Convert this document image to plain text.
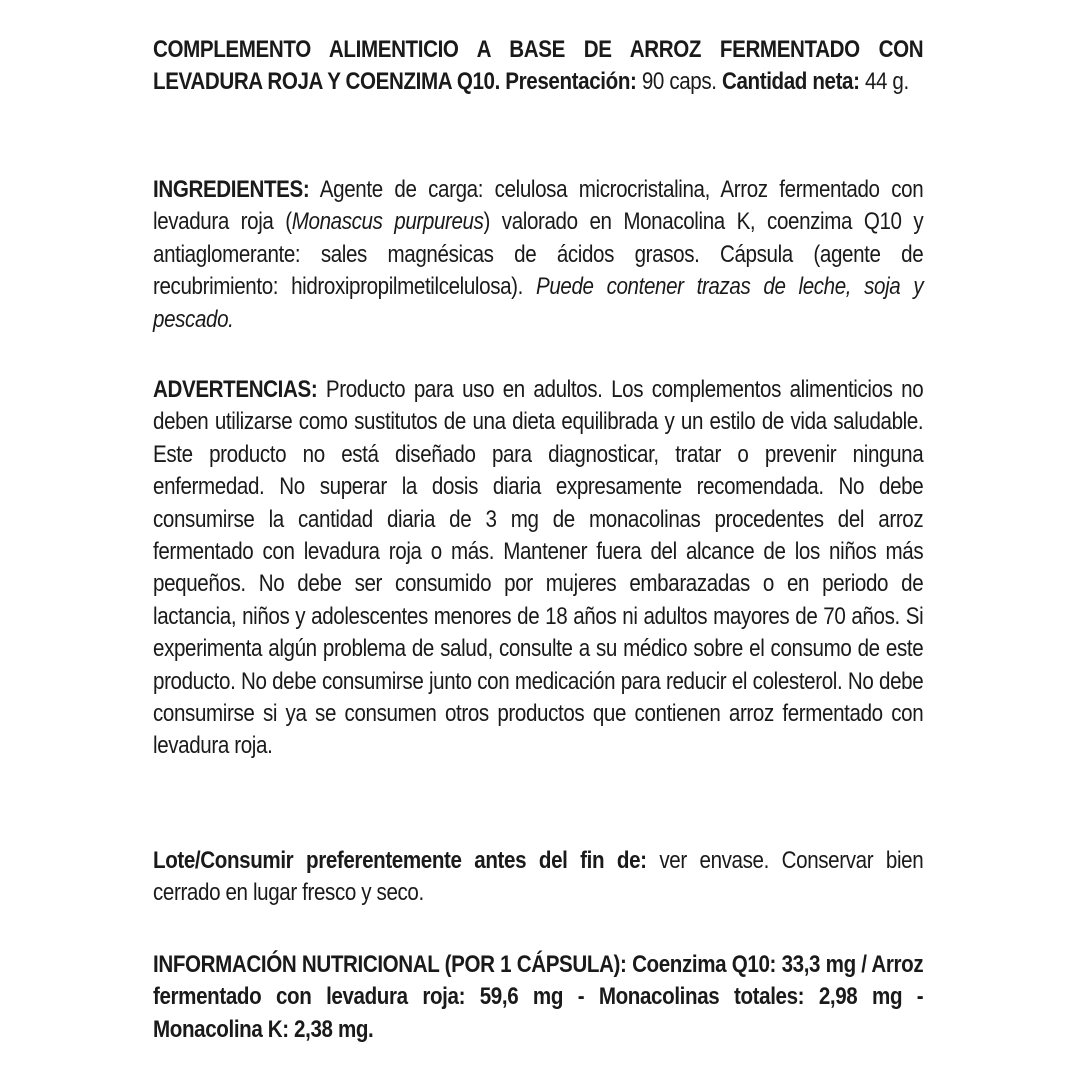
COMPLEMENTO ALIMENTICIO A BASE DE ARROZ FERMENTADO CON LEVADURA ROJA Y COENZIMA Q10. Presentación: 90 caps. Cantidad neta: 44 g.

INGREDIENTES: Agente de carga: celulosa microcristalina, Arroz fermentado con levadura roja (Monascus purpureus) valorado en Monacolina K, coenzima Q10 y antiaglomerante: sales magnésicas de ácidos grasos. Cápsula (agente de recubrimiento: hidroxipropilmetilcelulosa). Puede contener trazas de leche, soja y pescado.

ADVERTENCIAS: Producto para uso en adultos. Los complementos alimenticios no deben utilizarse como sustitutos de una dieta equilibrada y un estilo de vida saludable. Este producto no está diseñado para diagnosticar, tratar o prevenir ninguna enfermedad. No superar la dosis diaria expresamente recomendada. No debe consumirse la cantidad diaria de 3 mg de monacolinas procedentes del arroz fermentado con levadura roja o más. Mantener fuera del alcance de los niños más pequeños. No debe ser consumido por mujeres embarazadas o en periodo de lactancia, niños y adolescentes menores de 18 años ni adultos mayores de 70 años. Si experimenta algún problema de salud, consulte a su médico sobre el consumo de este producto. No debe consumirse junto con medicación para reducir el colesterol. No debe consumirse si ya se consumen otros productos que contienen arroz fermentado con levadura roja.

Lote/Consumir preferentemente antes del fin de: ver envase. Conservar bien cerrado en lugar fresco y seco.

INFORMACIÓN NUTRICIONAL (POR 1 CÁPSULA): Coenzima Q10: 33,3 mg / Arroz fermentado con levadura roja: 59,6 mg - Monacolinas totales: 2,98 mg - Monacolina K: 2,38 mg.
